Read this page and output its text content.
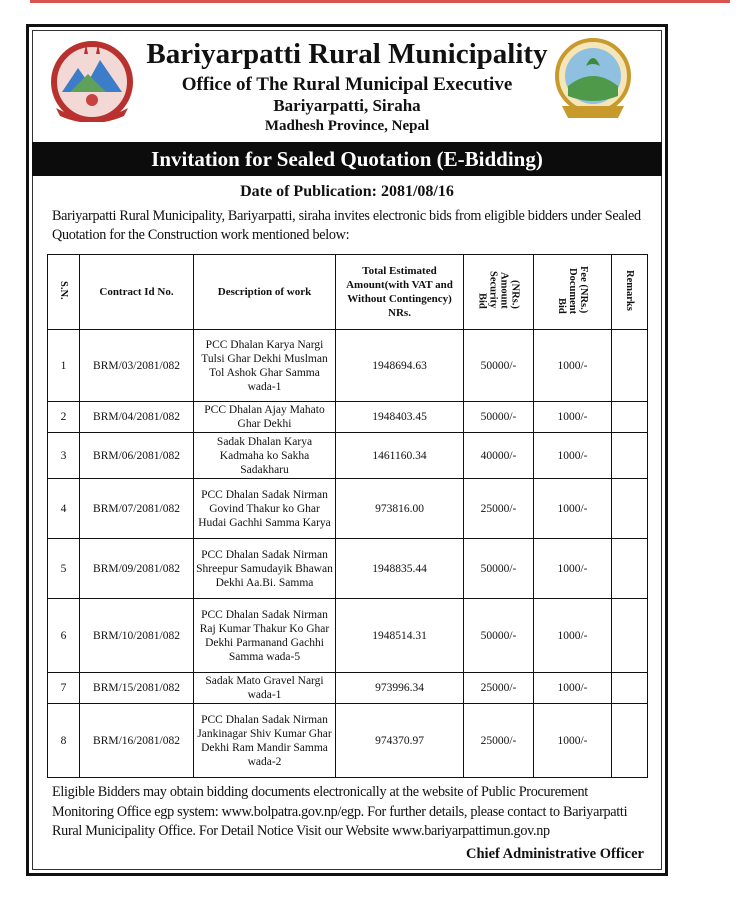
Bariyarpatti Rural Municipality
Office of The Rural Municipal Executive
Bariyarpatti, Siraha
Madhesh Province, Nepal
Invitation for Sealed Quotation (E-Bidding)
Date of Publication: 2081/08/16
Bariyarpatti Rural Municipality, Bariyarpatti, siraha invites electronic bids from eligible bidders under Sealed Quotation for the Construction work mentioned below:
S.N.	Contract Id No.	Description of work	Total Estimated Amount(with VAT and Without Contingency) NRs.	BidSecurityAmount(NRs.)	BidDocumentFee (NRs.)	Remarks
1	BRM/03/2081/082	PCC Dhalan Karya Nargi Tulsi Ghar Dekhi Muslman Tol Ashok Ghar Samma wada-1	1948694.63	50000/-	1000/-	
2	BRM/04/2081/082	PCC Dhalan Ajay Mahato Ghar Dekhi	1948403.45	50000/-	1000/-	
3	BRM/06/2081/082	Sadak Dhalan Karya Kadmaha ko Sakha Sadakharu	1461160.34	40000/-	1000/-	
4	BRM/07/2081/082	PCC Dhalan Sadak Nirman Govind Thakur ko Ghar Hudai Gachhi Samma Karya	973816.00	25000/-	1000/-	
5	BRM/09/2081/082	PCC Dhalan Sadak Nirman Shreepur Samudayik Bhawan Dekhi Aa.Bi. Samma	1948835.44	50000/-	1000/-	
6	BRM/10/2081/082	PCC Dhalan Sadak Nirman Raj Kumar Thakur Ko Ghar Dekhi Parmanand Gachhi Samma wada-5	1948514.31	50000/-	1000/-	
7	BRM/15/2081/082	Sadak Mato Gravel Nargi wada-1	973996.34	25000/-	1000/-	
8	BRM/16/2081/082	PCC Dhalan Sadak Nirman Jankinagar Shiv Kumar Ghar Dekhi Ram Mandir Samma wada-2	974370.97	25000/-	1000/-	
Eligible Bidders may obtain bidding documents electronically at the website of Public Procurement Monitoring Office egp system: www.bolpatra.gov.np/egp. For further details, please contact to Bariyarpatti Rural Municipality Office. For Detail Notice Visit our Website www.bariyarpattimun.gov.np
Chief Administrative Officer
